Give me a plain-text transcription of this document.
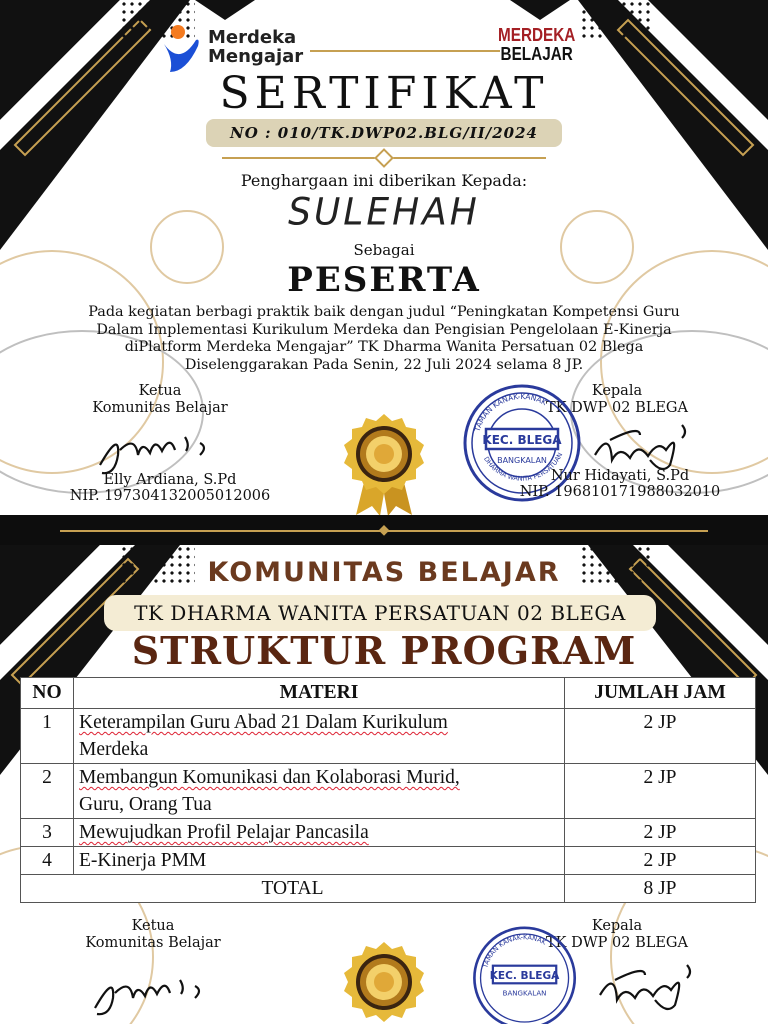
Merdeka
Mengajar
MERDEKA
BELAJAR
SERTIFIKAT
NO : 010/TK.DWP02.BLG/II/2024
Penghargaan ini diberikan Kepada:
SULEHAH
Sebagai
PESERTA
Pada kegiatan berbagi praktik baik dengan judul “Peningkatan Kompetensi Guru
Dalam Implementasi Kurikulum Merdeka dan Pengisian Pengelolaan E-Kinerja
diPlatform Merdeka Mengajar” TK Dharma Wanita Persatuan 02 Blega
Diselenggarakan Pada Senin, 22 Juli 2024 selama 8 JP.
Ketua
Komunitas Belajar
Elly Ardiana, S.Pd
NIP. 197304132005012006
Kepala
TK DWP 02 BLEGA
KEC. BLEGA
BANGKALAN
TAMAN KANAK-KANAK
DHARMA WANITA PERSATUAN
Nur Hidayati, S.Pd
NIP. 196810171988032010
◆
KOMUNITAS BELAJAR
TK DHARMA WANITA PERSATUAN 02 BLEGA
STRUKTUR PROGRAM
NO	MATERI	JUMLAH JAM
1	Keterampilan Guru Abad 21 Dalam Kurikulum
Merdeka	2 JP
2	Membangun Komunikasi dan Kolaborasi Murid,
Guru, Orang Tua	2 JP
3	Mewujudkan Profil Pelajar Pancasila	2 JP
4	E-Kinerja PMM	2 JP
TOTAL		8 JP
Ketua
Komunitas Belajar
Kepala
TK DWP 02 BLEGA
KEC. BLEGA
BANGKALAN
TAMAN KANAK-KANAK
